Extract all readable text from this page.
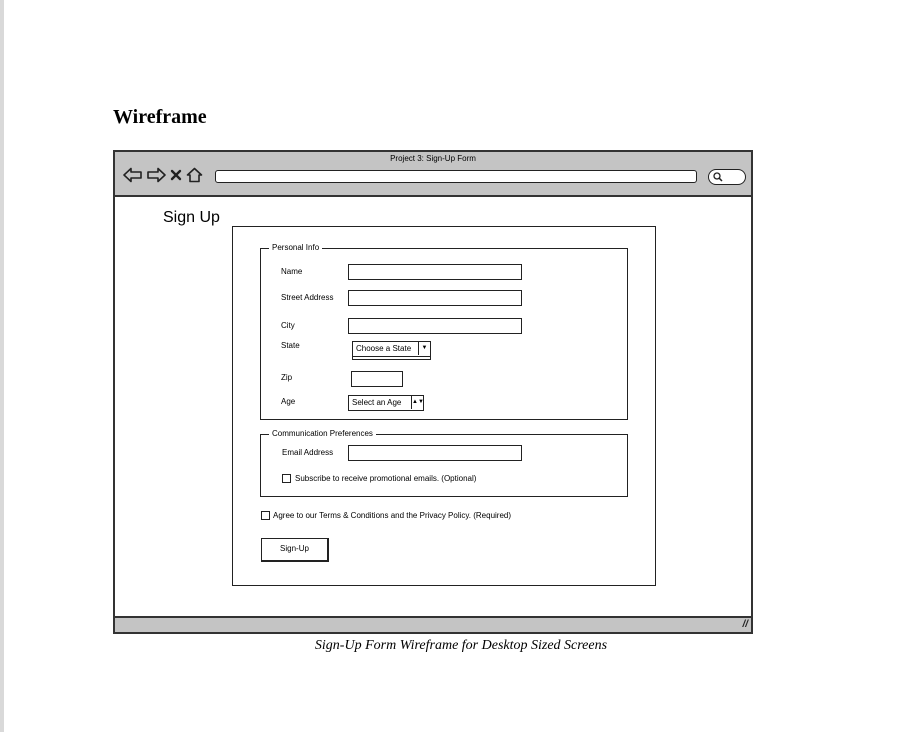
Wireframe
Project 3: Sign-Up Form
Sign Up
Personal Info
Name
Street Address
City
State	Choose a State	▼
Zip
Age	Select an Age ▲▼
Communication Preferences
Email Address
Subscribe to receive promotional emails. (Optional)
Agree to our Terms & Conditions and the Privacy Policy. (Required)
Sign-Up
//
Sign-Up Form Wireframe for Desktop Sized Screens
